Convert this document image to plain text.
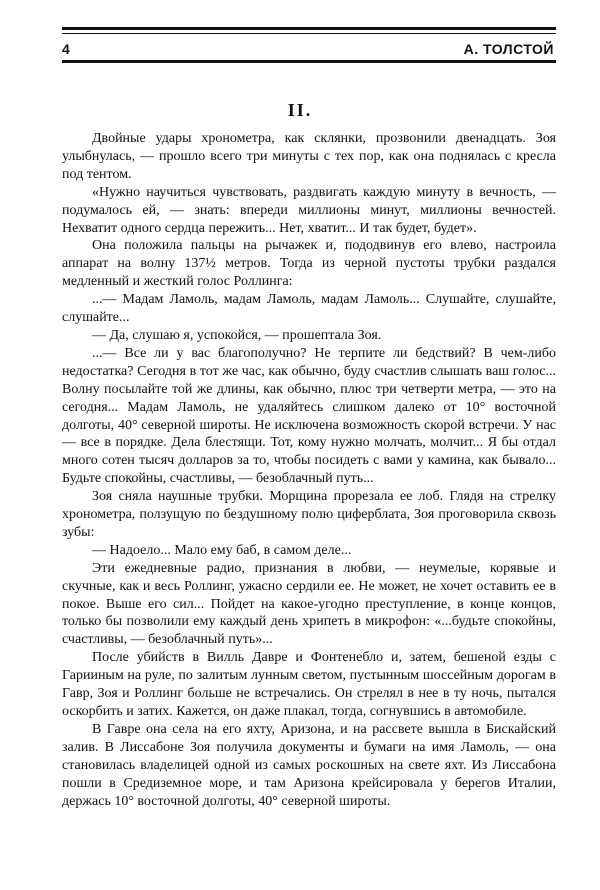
4	А. ТОЛСТОЙ
II.

Двойные удары хронометра, как склянки, прозвонили двенадцать. Зоя улыбнулась, — прошло всего три минуты с тех пор, как она поднялась с кресла под тентом.

«Нужно научиться чувствовать, раздвигать каждую минуту в вечность, — подумалось ей, — знать: впереди миллионы минут, миллионы вечностей. Нехватит одного сердца пережить... Нет, хватит... И так будет, будет».

Она положила пальцы на рычажек и, пододвинув его влево, настроила аппарат на волну 137½ метров. Тогда из черной пустоты трубки раздался медленный и жесткий голос Роллинга:

...— Мадам Ламоль, мадам Ламоль, мадам Ламоль... Слушайте, слушайте, слушайте...

— Да, слушаю я, успокойся, — прошептала Зоя.

...— Все ли у вас благополучно? Не терпите ли бедствий? В чем-либо недостатка? Сегодня в тот же час, как обычно, буду счастлив слышать ваш голос... Волну посылайте той же длины, как обычно, плюс три четверти метра, — это на сегодня... Мадам Ламоль, не удаляйтесь слишком далеко от 10° восточной долготы, 40° северной широты. Не исключена возможность скорой встречи. У нас — все в порядке. Дела блестящи. Тот, кому нужно молчать, молчит... Я бы отдал много сотен тысяч долларов за то, чтобы посидеть с вами у камина, как бывало... Будьте спокойны, счастливы, — безоблачный путь...

Зоя сняла наушные трубки. Морщина прорезала ее лоб. Глядя на стрелку хронометра, ползущую по бездушному полю циферблата, Зоя проговорила сквозь зубы:

— Надоело... Мало ему баб, в самом деле...

Эти ежедневные радио, признания в любви, — неумелые, корявые и скучные, как и весь Роллинг, ужасно сердили ее. Не может, не хочет оставить ее в покое. Выше его сил... Пойдет на какое-угодно преступление, в конце концов, только бы позволили ему каждый день хрипеть в микрофон: «...будьте спокойны, счастливы, — безоблачный путь»...

После убийств в Вилль Давре и Фонтенебло и, затем, бешеной езды с Гарииным на руле, по залитым лунным светом, пустынным шоссейным дорогам в Гавр, Зоя и Роллинг больше не встречались. Он стрелял в нее в ту ночь, пытался оскорбить и затих. Кажется, он даже плакал, тогда, согнувшись в автомобиле.

В Гавре она села на его яхту, Аризона, и на рассвете вышла в Бискайский залив. В Лиссабоне Зоя получила документы и бумаги на имя Ламоль, — она становилась владелицей одной из самых роскошных на свете яхт. Из Лиссабона пошли в Средиземное море, и там Аризона крейсировала у берегов Италии, держась 10° восточной долготы, 40° северной широты.
